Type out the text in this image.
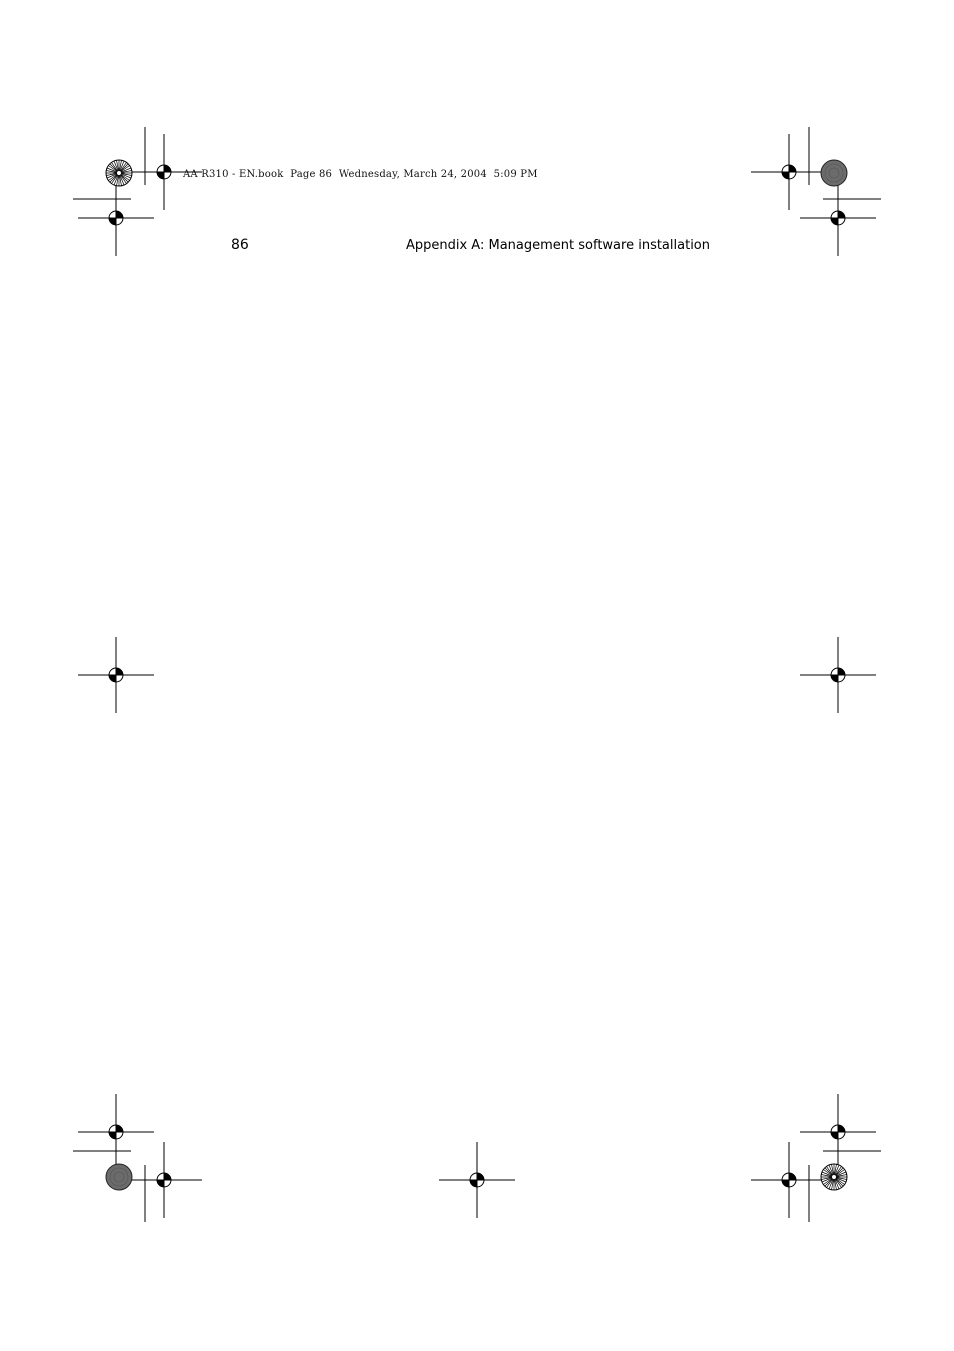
AA R310 - EN.book  Page 86  Wednesday, March 24, 2004  5:09 PM
86	Appendix A: Management software installation
